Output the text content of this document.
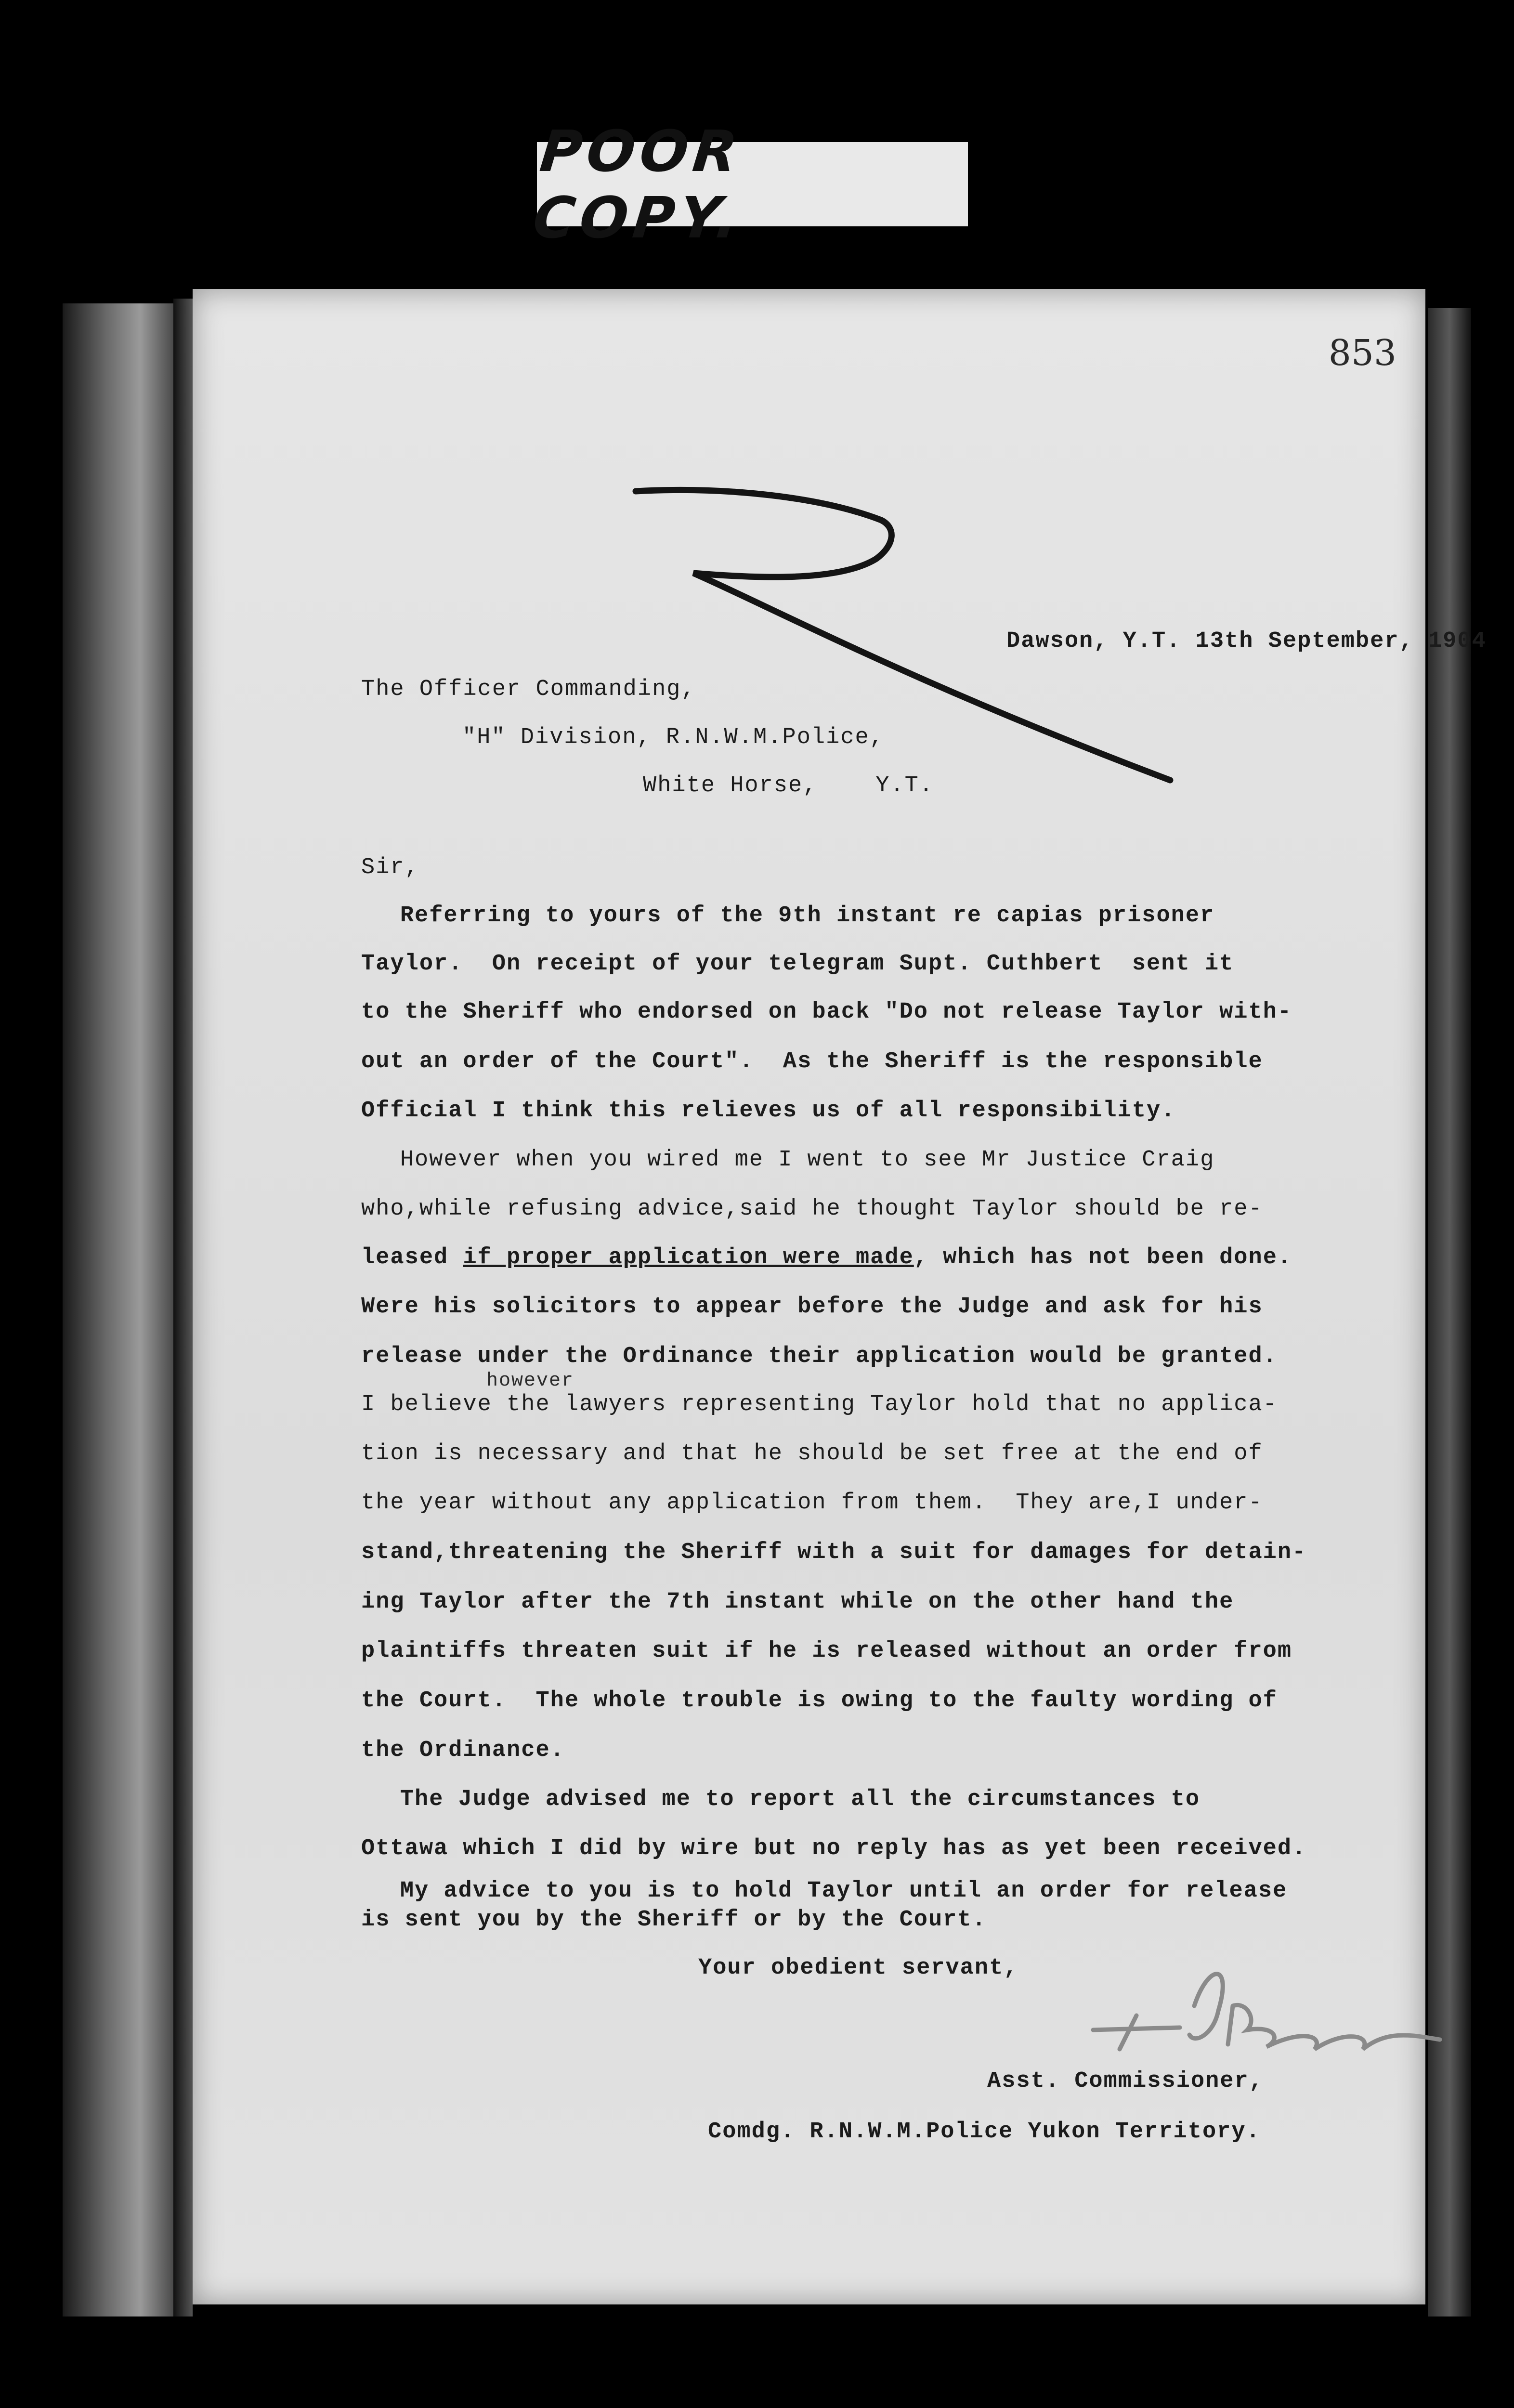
POOR COPY.
853
Dawson, Y.T. 13th September, 1904
The Officer Commanding,
"H" Division, R.N.W.M.Police,
White Horse,    Y.T.
Sir,
Referring to yours of the 9th instant re capias prisoner
Taylor.  On receipt of your telegram Supt. Cuthbert  sent it
to the Sheriff who endorsed on back "Do not release Taylor with-
out an order of the Court".  As the Sheriff is the responsible
Official I think this relieves us of all responsibility.
However when you wired me I went to see Mr Justice Craig
who,while refusing advice,said he thought Taylor should be re-
leased if proper application were made, which has not been done.
Were his solicitors to appear before the Judge and ask for his
release under the Ordinance their application would be granted.
however
I believe the lawyers representing Taylor hold that no applica-
tion is necessary and that he should be set free at the end of
the year without any application from them.  They are,I under-
stand,threatening the Sheriff with a suit for damages for detain-
ing Taylor after the 7th instant while on the other hand the
plaintiffs threaten suit if he is released without an order from
the Court.  The whole trouble is owing to the faulty wording of
the Ordinance.
The Judge advised me to report all the circumstances to
Ottawa which I did by wire but no reply has as yet been received.
My advice to you is to hold Taylor until an order for release
is sent you by the Sheriff or by the Court.
Your obedient servant,
Asst. Commissioner,
Comdg. R.N.W.M.Police Yukon Territory.
